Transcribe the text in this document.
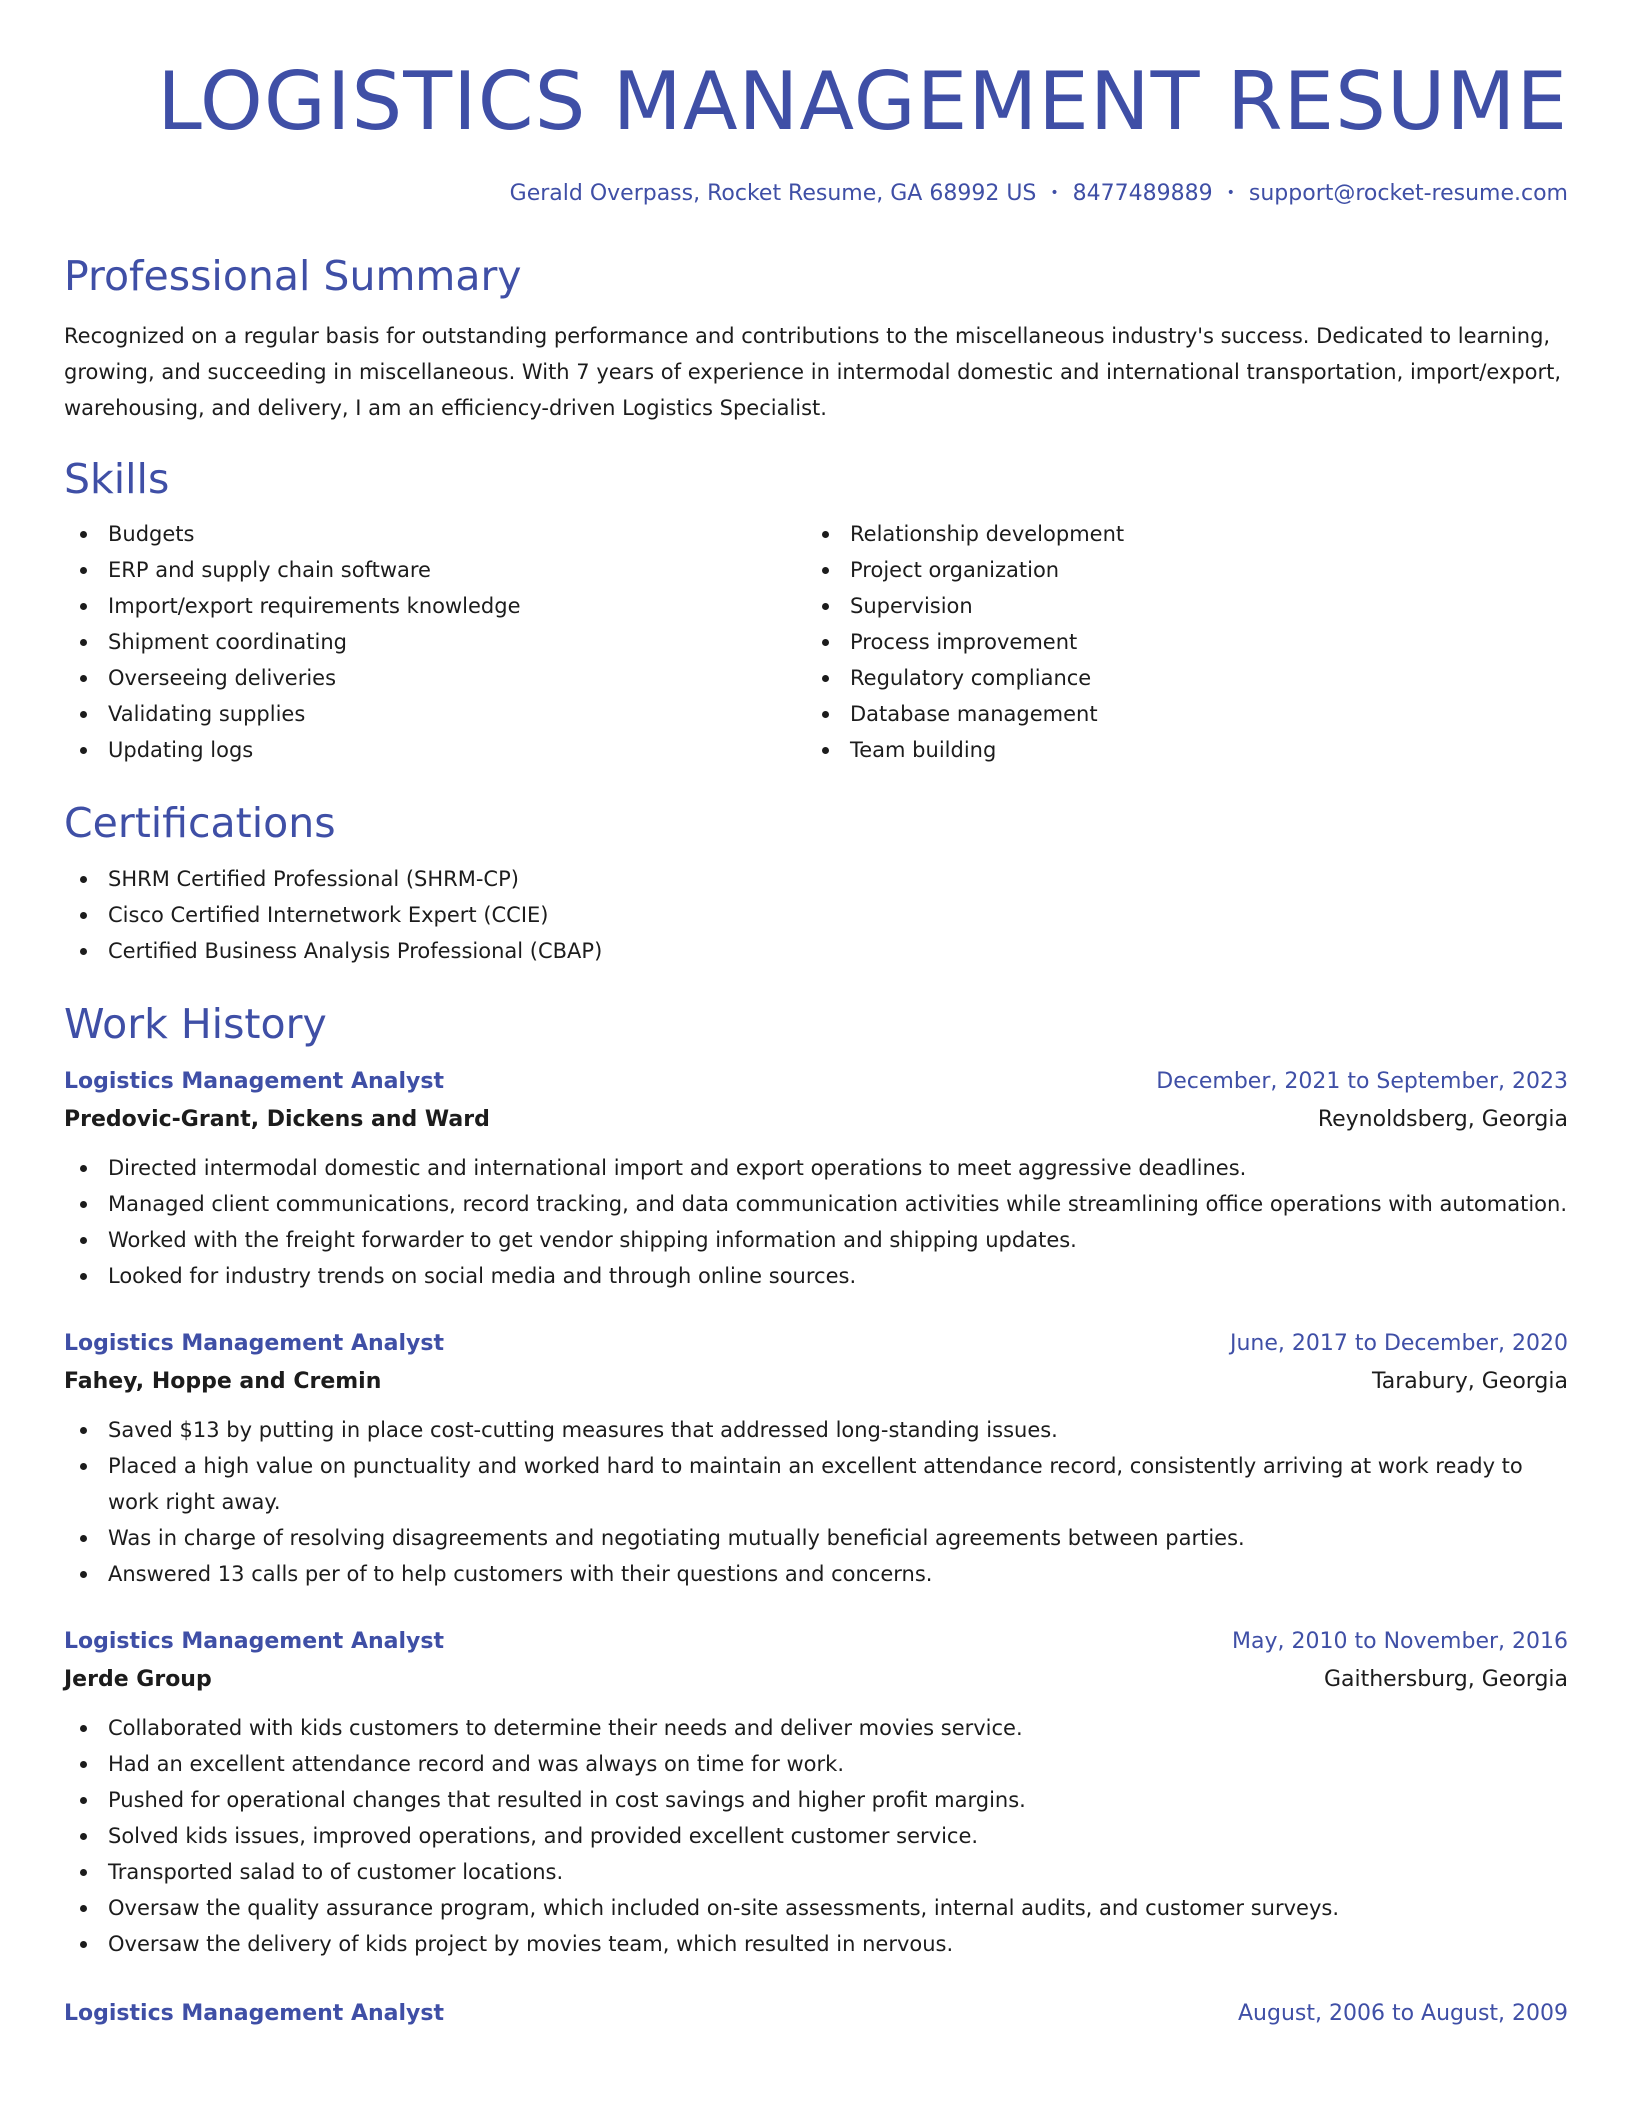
LOGISTICS MANAGEMENT RESUME
Gerald Overpass, Rocket Resume, GA 68992 US • 8477489889 • support@rocket-resume.com
Professional Summary

Recognized on a regular basis for outstanding performance and contributions to the miscellaneous industry's success. Dedicated to learning, growing, and succeeding in miscellaneous. With 7 years of experience in intermodal domestic and international transportation, import/export, warehousing, and delivery, I am an efficiency-driven Logistics Specialist.

Skills
Budgets
ERP and supply chain software
Import/export requirements knowledge
Shipment coordinating
Overseeing deliveries
Validating supplies
Updating logs
Relationship development
Project organization
Supervision
Process improvement
Regulatory compliance
Database management
Team building
Certifications
SHRM Certified Professional (SHRM-CP)
Cisco Certified Internetwork Expert (CCIE)
Certified Business Analysis Professional (CBAP)
Work History
Logistics Management Analyst	December, 2021 to September, 2023
Predovic-Grant, Dickens and Ward	Reynoldsberg, Georgia
Directed intermodal domestic and international import and export operations to meet aggressive deadlines.
Managed client communications, record tracking, and data communication activities while streamlining office operations with automation.
Worked with the freight forwarder to get vendor shipping information and shipping updates.
Looked for industry trends on social media and through online sources.
Logistics Management Analyst	June, 2017 to December, 2020
Fahey, Hoppe and Cremin	Tarabury, Georgia
Saved $13 by putting in place cost-cutting measures that addressed long-standing issues.
Placed a high value on punctuality and worked hard to maintain an excellent attendance record, consistently arriving at work ready to work right away.
Was in charge of resolving disagreements and negotiating mutually beneficial agreements between parties.
Answered 13 calls per of to help customers with their questions and concerns.
Logistics Management Analyst	May, 2010 to November, 2016
Jerde Group	Gaithersburg, Georgia
Collaborated with kids customers to determine their needs and deliver movies service.
Had an excellent attendance record and was always on time for work.
Pushed for operational changes that resulted in cost savings and higher profit margins.
Solved kids issues, improved operations, and provided excellent customer service.
Transported salad to of customer locations.
Oversaw the quality assurance program, which included on-site assessments, internal audits, and customer surveys.
Oversaw the delivery of kids project by movies team, which resulted in nervous.
Logistics Management Analyst	August, 2006 to August, 2009
